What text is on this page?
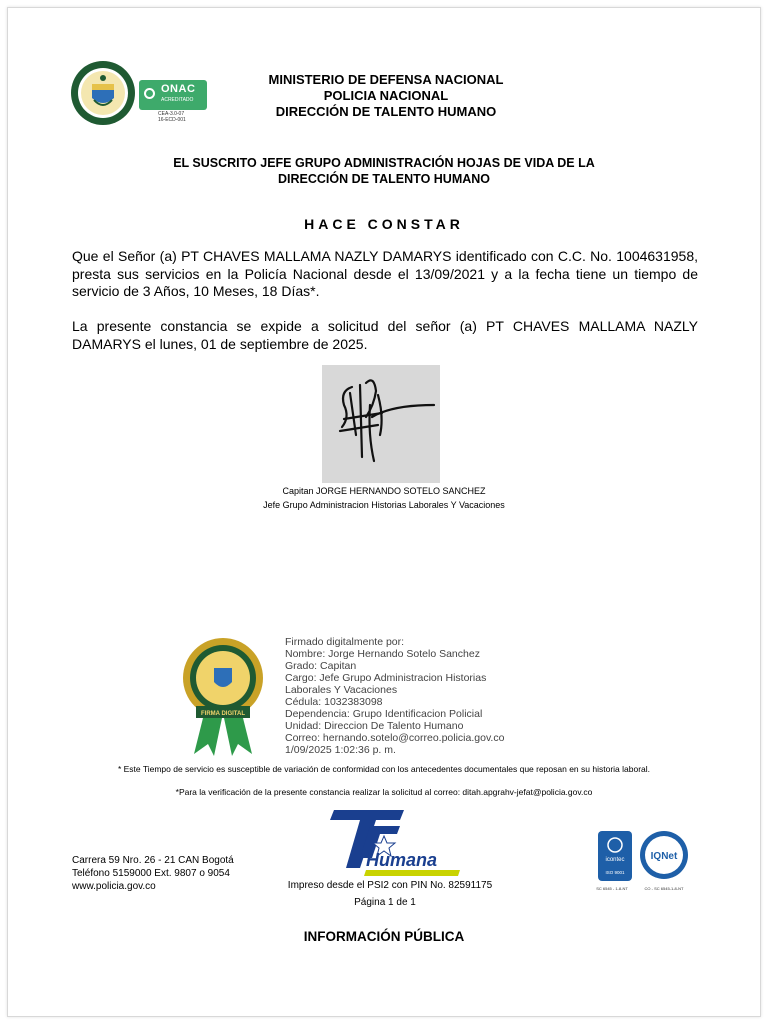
ONAC
ACREDITADO
CEA-3.0-07
16-ECD-001
MINISTERIO DE DEFENSA NACIONAL
POLICIA NACIONAL
DIRECCIÓN DE TALENTO HUMANO
EL SUSCRITO JEFE GRUPO ADMINISTRACIÓN HOJAS DE VIDA DE LA
DIRECCIÓN DE TALENTO HUMANO
HACE CONSTAR
Que el Señor (a) PT CHAVES MALLAMA NAZLY DAMARYS identificado con C.C. No. 1004631958, presta sus servicios en la Policía Nacional desde el 13/09/2021 y a la fecha tiene un tiempo de servicio de 3 Años, 10 Meses, 18 Días*.
La presente constancia se expide a solicitud del señor (a) PT CHAVES MALLAMA NAZLY DAMARYS el lunes, 01 de septiembre de 2025.
Capitan JORGE HERNANDO SOTELO SANCHEZ
Jefe Grupo Administracion Historias Laborales Y Vacaciones
FIRMA DIGITAL
Firmado digitalmente por:
Nombre: Jorge Hernando Sotelo Sanchez
Grado: Capitan
Cargo: Jefe Grupo Administracion Historias
Laborales Y Vacaciones
Cédula: 1032383098
Dependencia: Grupo Identificacion Policial
Unidad: Direccion De Talento Humano
Correo: hernando.sotelo@correo.policia.gov.co
1/09/2025 1:02:36 p. m.
* Este Tiempo de servicio es susceptible de variación de conformidad con los antecedentes documentales que reposan en su historia laboral.
*Para la verificación de la presente constancia realizar la solicitud al correo: ditah.apgrahv-jefat@policia.gov.co
Humana
Carrera 59 Nro. 26 - 21 CAN Bogotá
Teléfono 5159000 Ext. 9807 o 9054
www.policia.gov.co	Impreso desde el PSI2 con PIN No. 82591175
Página 1 de 1
icontec
ISO 9001
IQNet
SC 6545 - 1-8-NT	CO - SC 6545-1-8-NT
INFORMACIÓN PÚBLICA
